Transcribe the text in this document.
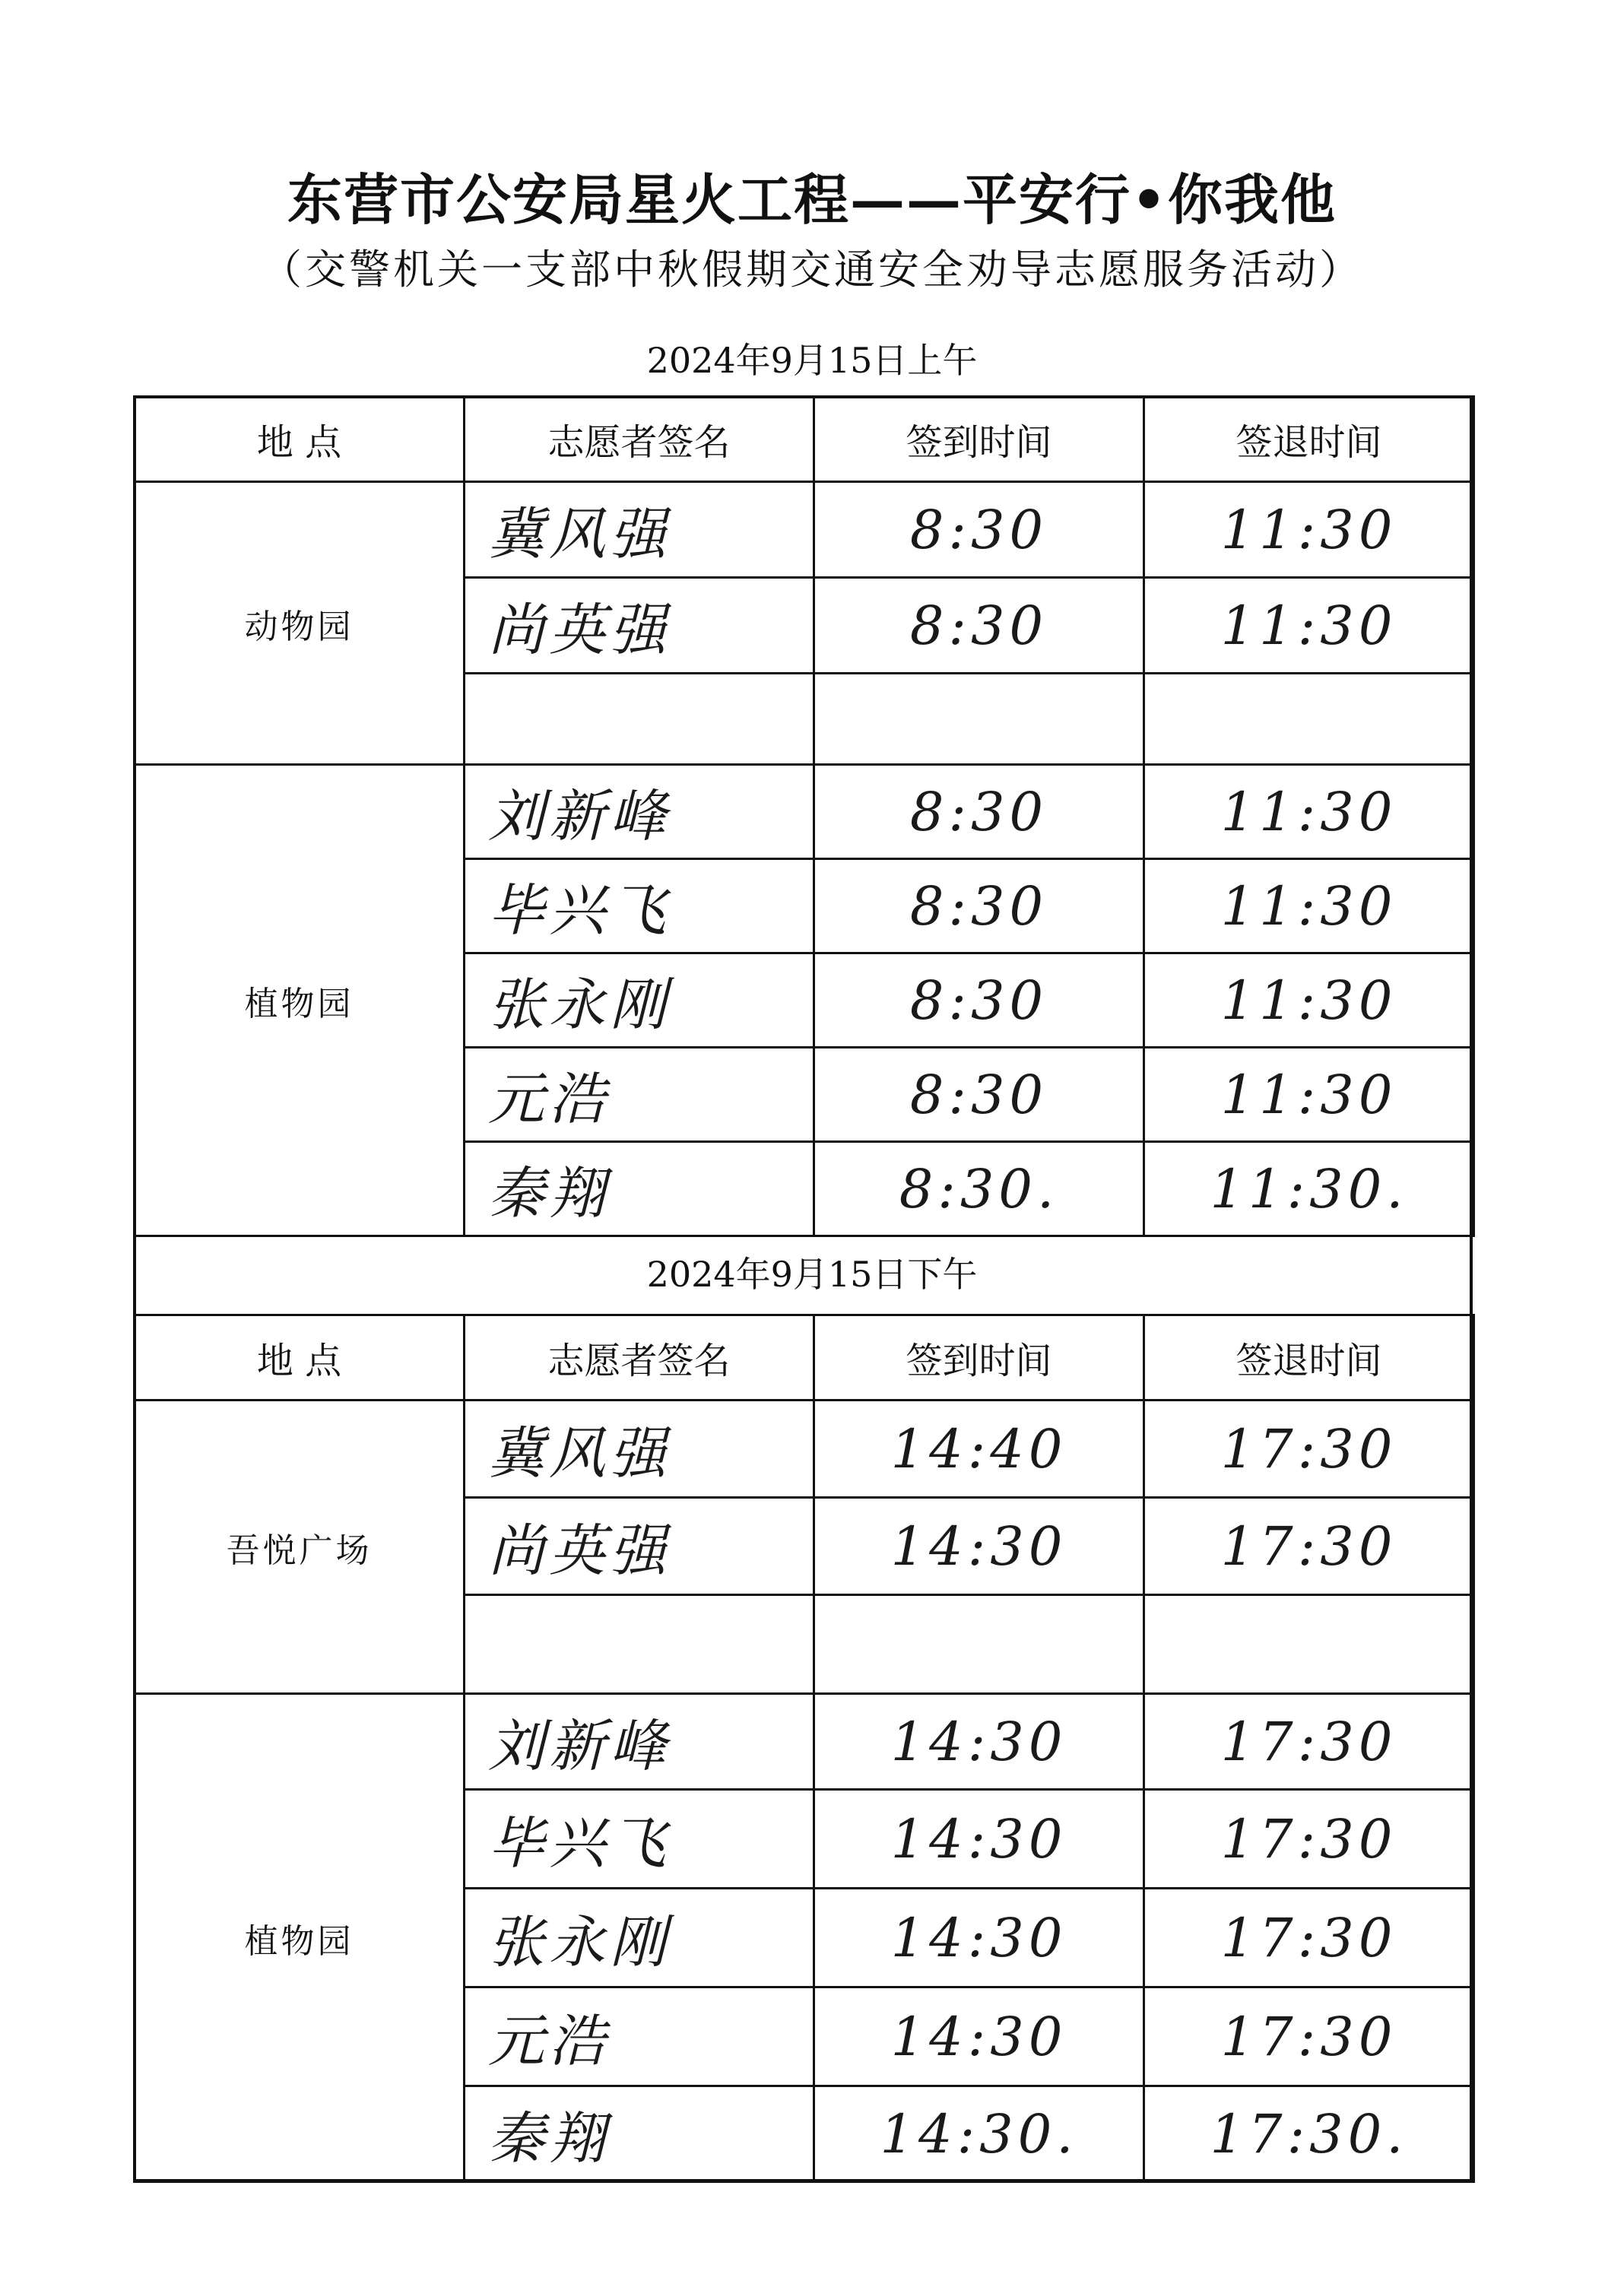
东营市公安局星火工程——平安行•你我他
（交警机关一支部中秋假期交通安全劝导志愿服务活动）
2024年9月15日上午
地 点	志愿者签名	签到时间	签退时间
动物园	冀风强	8:30	11:30
	尚英强	8:30	11:30

植物园	刘新峰	8:30	11:30
	毕兴飞	8:30	11:30
	张永刚	8:30	11:30
	元浩	8:30	11:30
	秦翔	8:30.	11:30.
2024年9月15日下午
地 点	志愿者签名	签到时间	签退时间
吾悦广场	冀风强	14:40	17:30
	尚英强	14:30	17:30

植物园	刘新峰	14:30	17:30
	毕兴飞	14:30	17:30
	张永刚	14:30	17:30
	元浩	14:30	17:30
	秦翔	14:30.	17:30.
